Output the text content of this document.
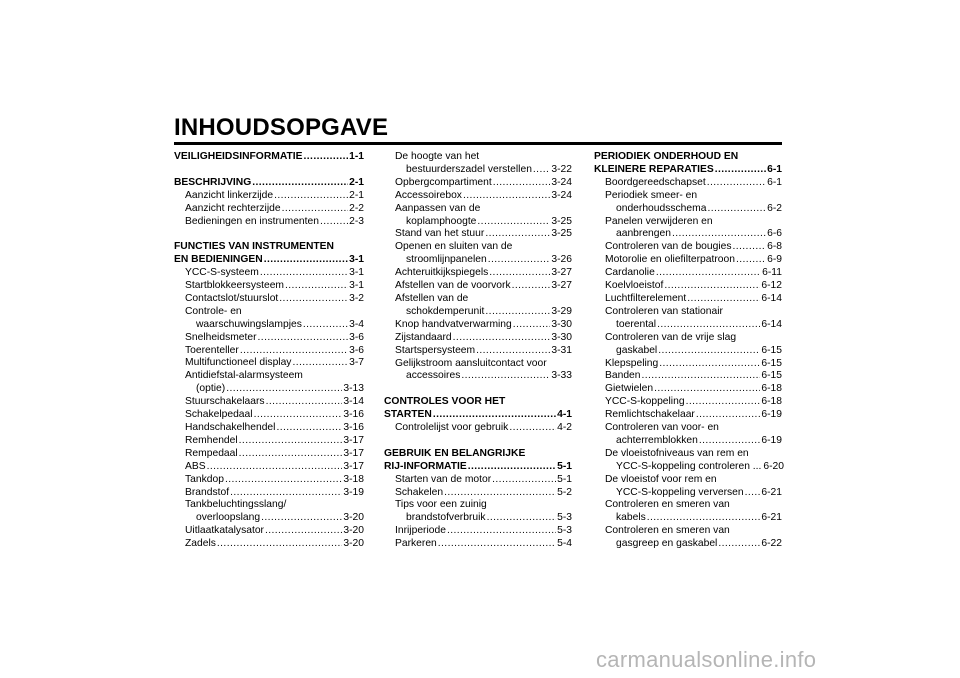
INHOUDSOPGAVE
VEILIGHEIDSINFORMATIE .....	1-1
BESCHRIJVING .....	2-1
Aanzicht linkerzijde .....	2-1
Aanzicht rechterzijde .....	2-2
Bedieningen en instrumenten .....	2-3
FUNCTIES VAN INSTRUMENTEN
EN BEDIENINGEN .....	3-1
YCC-S-systeem .....	3-1
Startblokkeersysteem .....	3-1
Contactslot/stuurslot .....	3-2
Controle- en
waarschuwingslampjes .....	3-4
Snelheidsmeter .....	3-6
Toerenteller .....	3-6
Multifunctioneel display .....	3-7
Antidiefstal-alarmsysteem
(optie) .....	3-13
Stuurschakelaars .....	3-14
Schakelpedaal .....	3-16
Handschakelhendel .....	3-16
Remhendel .....	3-17
Rempedaal .....	3-17
ABS .....	3-17
Tankdop .....	3-18
Brandstof .....	3-19
Tankbeluchtingsslang/
overloopslang .....	3-20
Uitlaatkatalysator .....	3-20
Zadels .....	3-20
De hoogte van het
bestuurderszadel verstellen ..... 3-22
Opbergcompartiment .....	3-24
Accessoirebox .....	3-24
Aanpassen van de
koplamphoogte .....	3-25
Stand van het stuur .....	3-25
Openen en sluiten van de
stroomlijnpanelen .....	3-26
Achteruitkijkspiegels .....	3-27
Afstellen van de voorvork .....	3-27
Afstellen van de
schokdemperunit .....	3-29
Knop handvatverwarming .....	3-30
Zijstandaard .....	3-30
Startspersysteem .....	3-31
Gelijkstroom aansluitcontact voor
accessoires .....	3-33
CONTROLES VOOR HET
STARTEN .....	4-1
Controlelijst voor gebruik .....	4-2
GEBRUIK EN BELANGRIJKE
RIJ-INFORMATIE .....	5-1
Starten van de motor .....	5-1
Schakelen .....	5-2
Tips voor een zuinig
brandstofverbruik .....	5-3
Inrijperiode .....	5-3
Parkeren .....	5-4
PERIODIEK ONDERHOUD EN
KLEINERE REPARATIES .....	6-1
Boordgereedschapset .....	6-1
Periodiek smeer- en
onderhoudsschema .....	6-2
Panelen verwijderen en
aanbrengen .....	6-6
Controleren van de bougies .....	6-8
Motorolie en oliefilterpatroon .....	6-9
Cardanolie .....	6-11
Koelvloeistof .....	6-12
Luchtfilterelement .....	6-14
Controleren van stationair
toerental .....	6-14
Controleren van de vrije slag
gaskabel .....	6-15
Klepspeling .....	6-15
Banden .....	6-15
Gietwielen .....	6-18
YCC-S-koppeling .....	6-18
Remlichtschakelaar .....	6-19
Controleren van voor- en
achterremblokken .....	6-19
De vloeistofniveaus van rem en
YCC-S-koppeling controleren ... 6-20
De vloeistof voor rem en
YCC-S-koppeling verversen ..... 6-21
Controleren en smeren van
kabels .....	6-21
Controleren en smeren van
gasgreep en gaskabel .....	6-22
carmanualsonline.info
